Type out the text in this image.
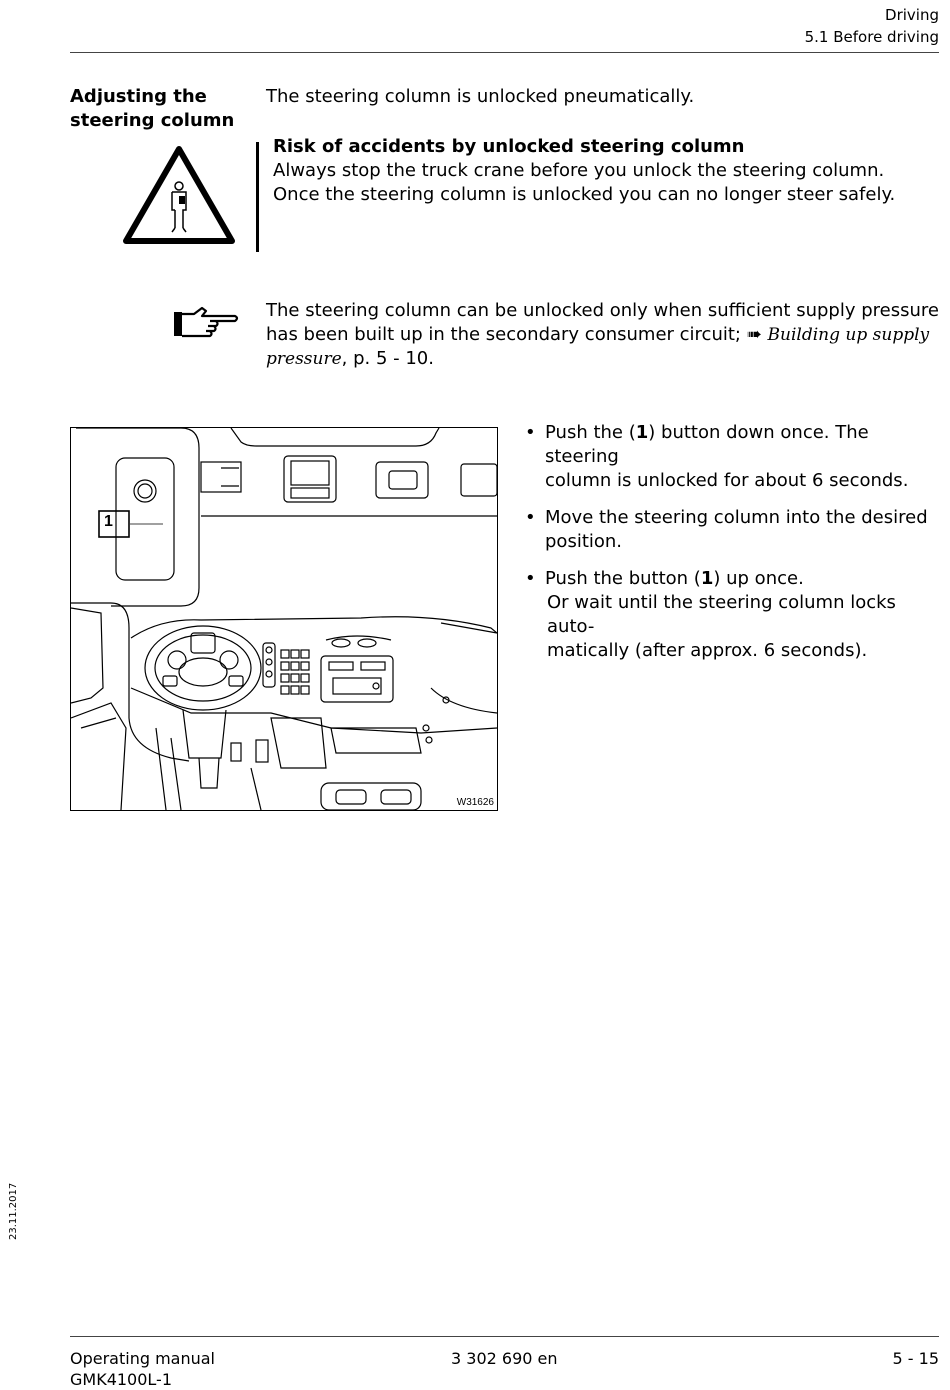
Driving
5.1 Before driving
Adjusting the steering column
The steering column is unlocked pneumatically.
Risk of accidents by unlocked steering column
Always stop the truck crane before you unlock the steering column.
Once the steering column is unlocked you can no longer steer safely.
The steering column can be unlocked only when sufficient supply pressure has been built up in the secondary consumer circuit; ➠ Building up supply pressure, p. 5 - 10.
1
W31626
• Push the (1) button down once. The steering
column is unlocked for about 6 seconds.
• Move the steering column into the desired
position.
• Push the button (1) up once.
Or wait until the steering column locks auto-
matically (after approx. 6 seconds).
23.11.2017
Operating manual
GMK4100L-1
3 302 690 en	5 - 15
